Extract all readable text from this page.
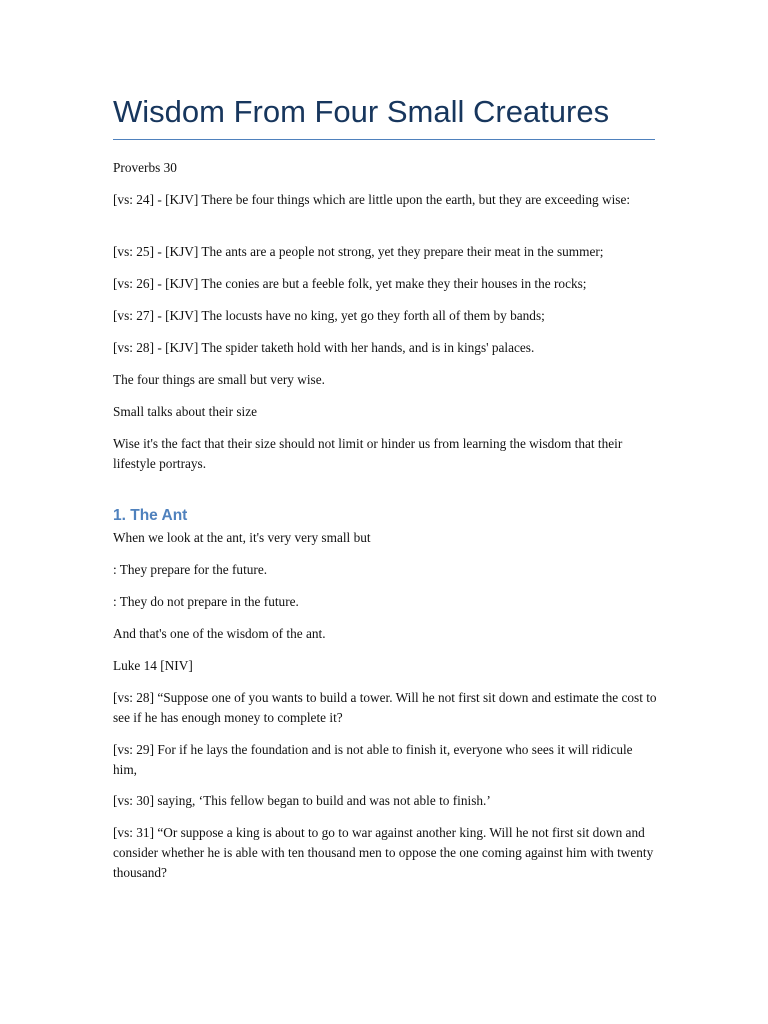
Wisdom From Four Small Creatures

Proverbs 30

[vs: 24] - [KJV] There be four things which are little upon the earth, but they are exceeding wise:

[vs: 25] - [KJV] The ants are a people not strong, yet they prepare their meat in the summer;

[vs: 26] - [KJV] The conies are but a feeble folk, yet make they their houses in the rocks;

[vs: 27] - [KJV] The locusts have no king, yet go they forth all of them by bands;

[vs: 28] - [KJV] The spider taketh hold with her hands, and is in kings' palaces.

The four things are small but very wise.

Small talks about their size

Wise it's the fact that their size should not limit or hinder us from learning the wisdom that their lifestyle portrays.

1. The Ant

When we look at the ant, it's very very small but

: They prepare for the future.

: They do not prepare in the future.

And that's one of the wisdom of the ant.

Luke 14 [NIV]

[vs: 28] “Suppose one of you wants to build a tower. Will he not first sit down and estimate the cost to see if he has enough money to complete it?

[vs: 29] For if he lays the foundation and is not able to finish it, everyone who sees it will ridicule him,

[vs: 30] saying, ‘This fellow began to build and was not able to finish.’

[vs: 31] “Or suppose a king is about to go to war against another king. Will he not first sit down and consider whether he is able with ten thousand men to oppose the one coming against him with twenty thousand?
